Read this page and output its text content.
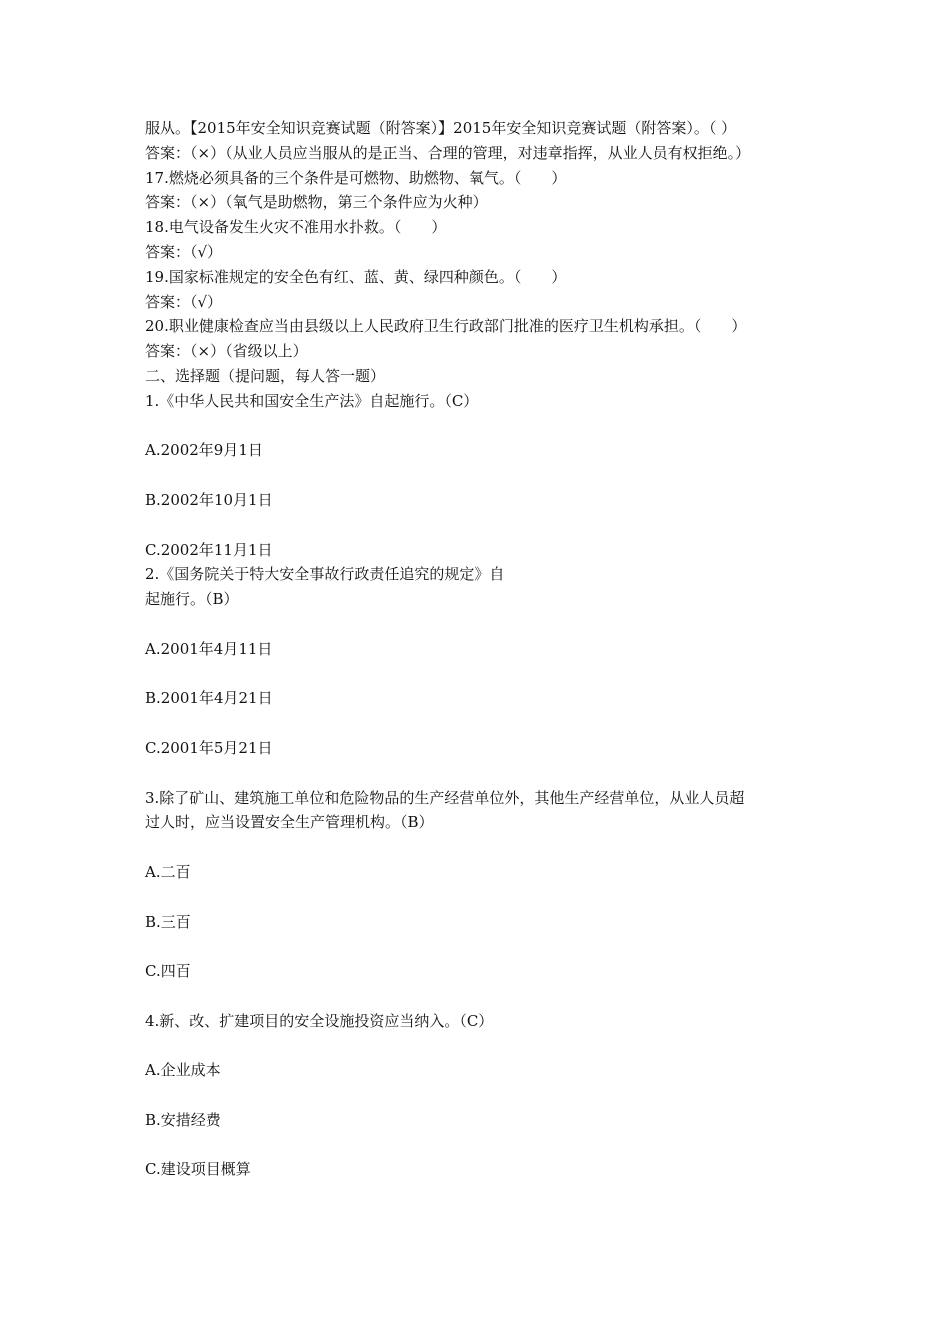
服从。【2015年安全知识竞赛试题（附答案）】2015年安全知识竞赛试题（附答案）。（ ）
答案：（×）（从业人员应当服从的是正当、合理的管理，对违章指挥，从业人员有权拒绝。）
17.燃烧必须具备的三个条件是可燃物、助燃物、氧气。（　　）
答案：（×）（氧气是助燃物，第三个条件应为火种）
18.电气设备发生火灾不准用水扑救。（　　）
答案：（√）
19.国家标准规定的安全色有红、蓝、黄、绿四种颜色。（　　）
答案：（√）
20.职业健康检查应当由县级以上人民政府卫生行政部门批准的医疗卫生机构承担。（　　）
答案：（×）（省级以上）
二、选择题（提问题，每人答一题）
1.《中华人民共和国安全生产法》自起施行。（C）
A.2002年9月1日
B.2002年10月1日
C.2002年11月1日
2.《国务院关于特大安全事故行政责任追究的规定》自
起施行。（B）
A.2001年4月11日
B.2001年4月21日
C.2001年5月21日
3.除了矿山、建筑施工单位和危险物品的生产经营单位外，其他生产经营单位，从业人员超
过人时，应当设置安全生产管理机构。（B）
A.二百
B.三百
C.四百
4.新、改、扩建项目的安全设施投资应当纳入。（C）
A.企业成本
B.安措经费
C.建设项目概算
